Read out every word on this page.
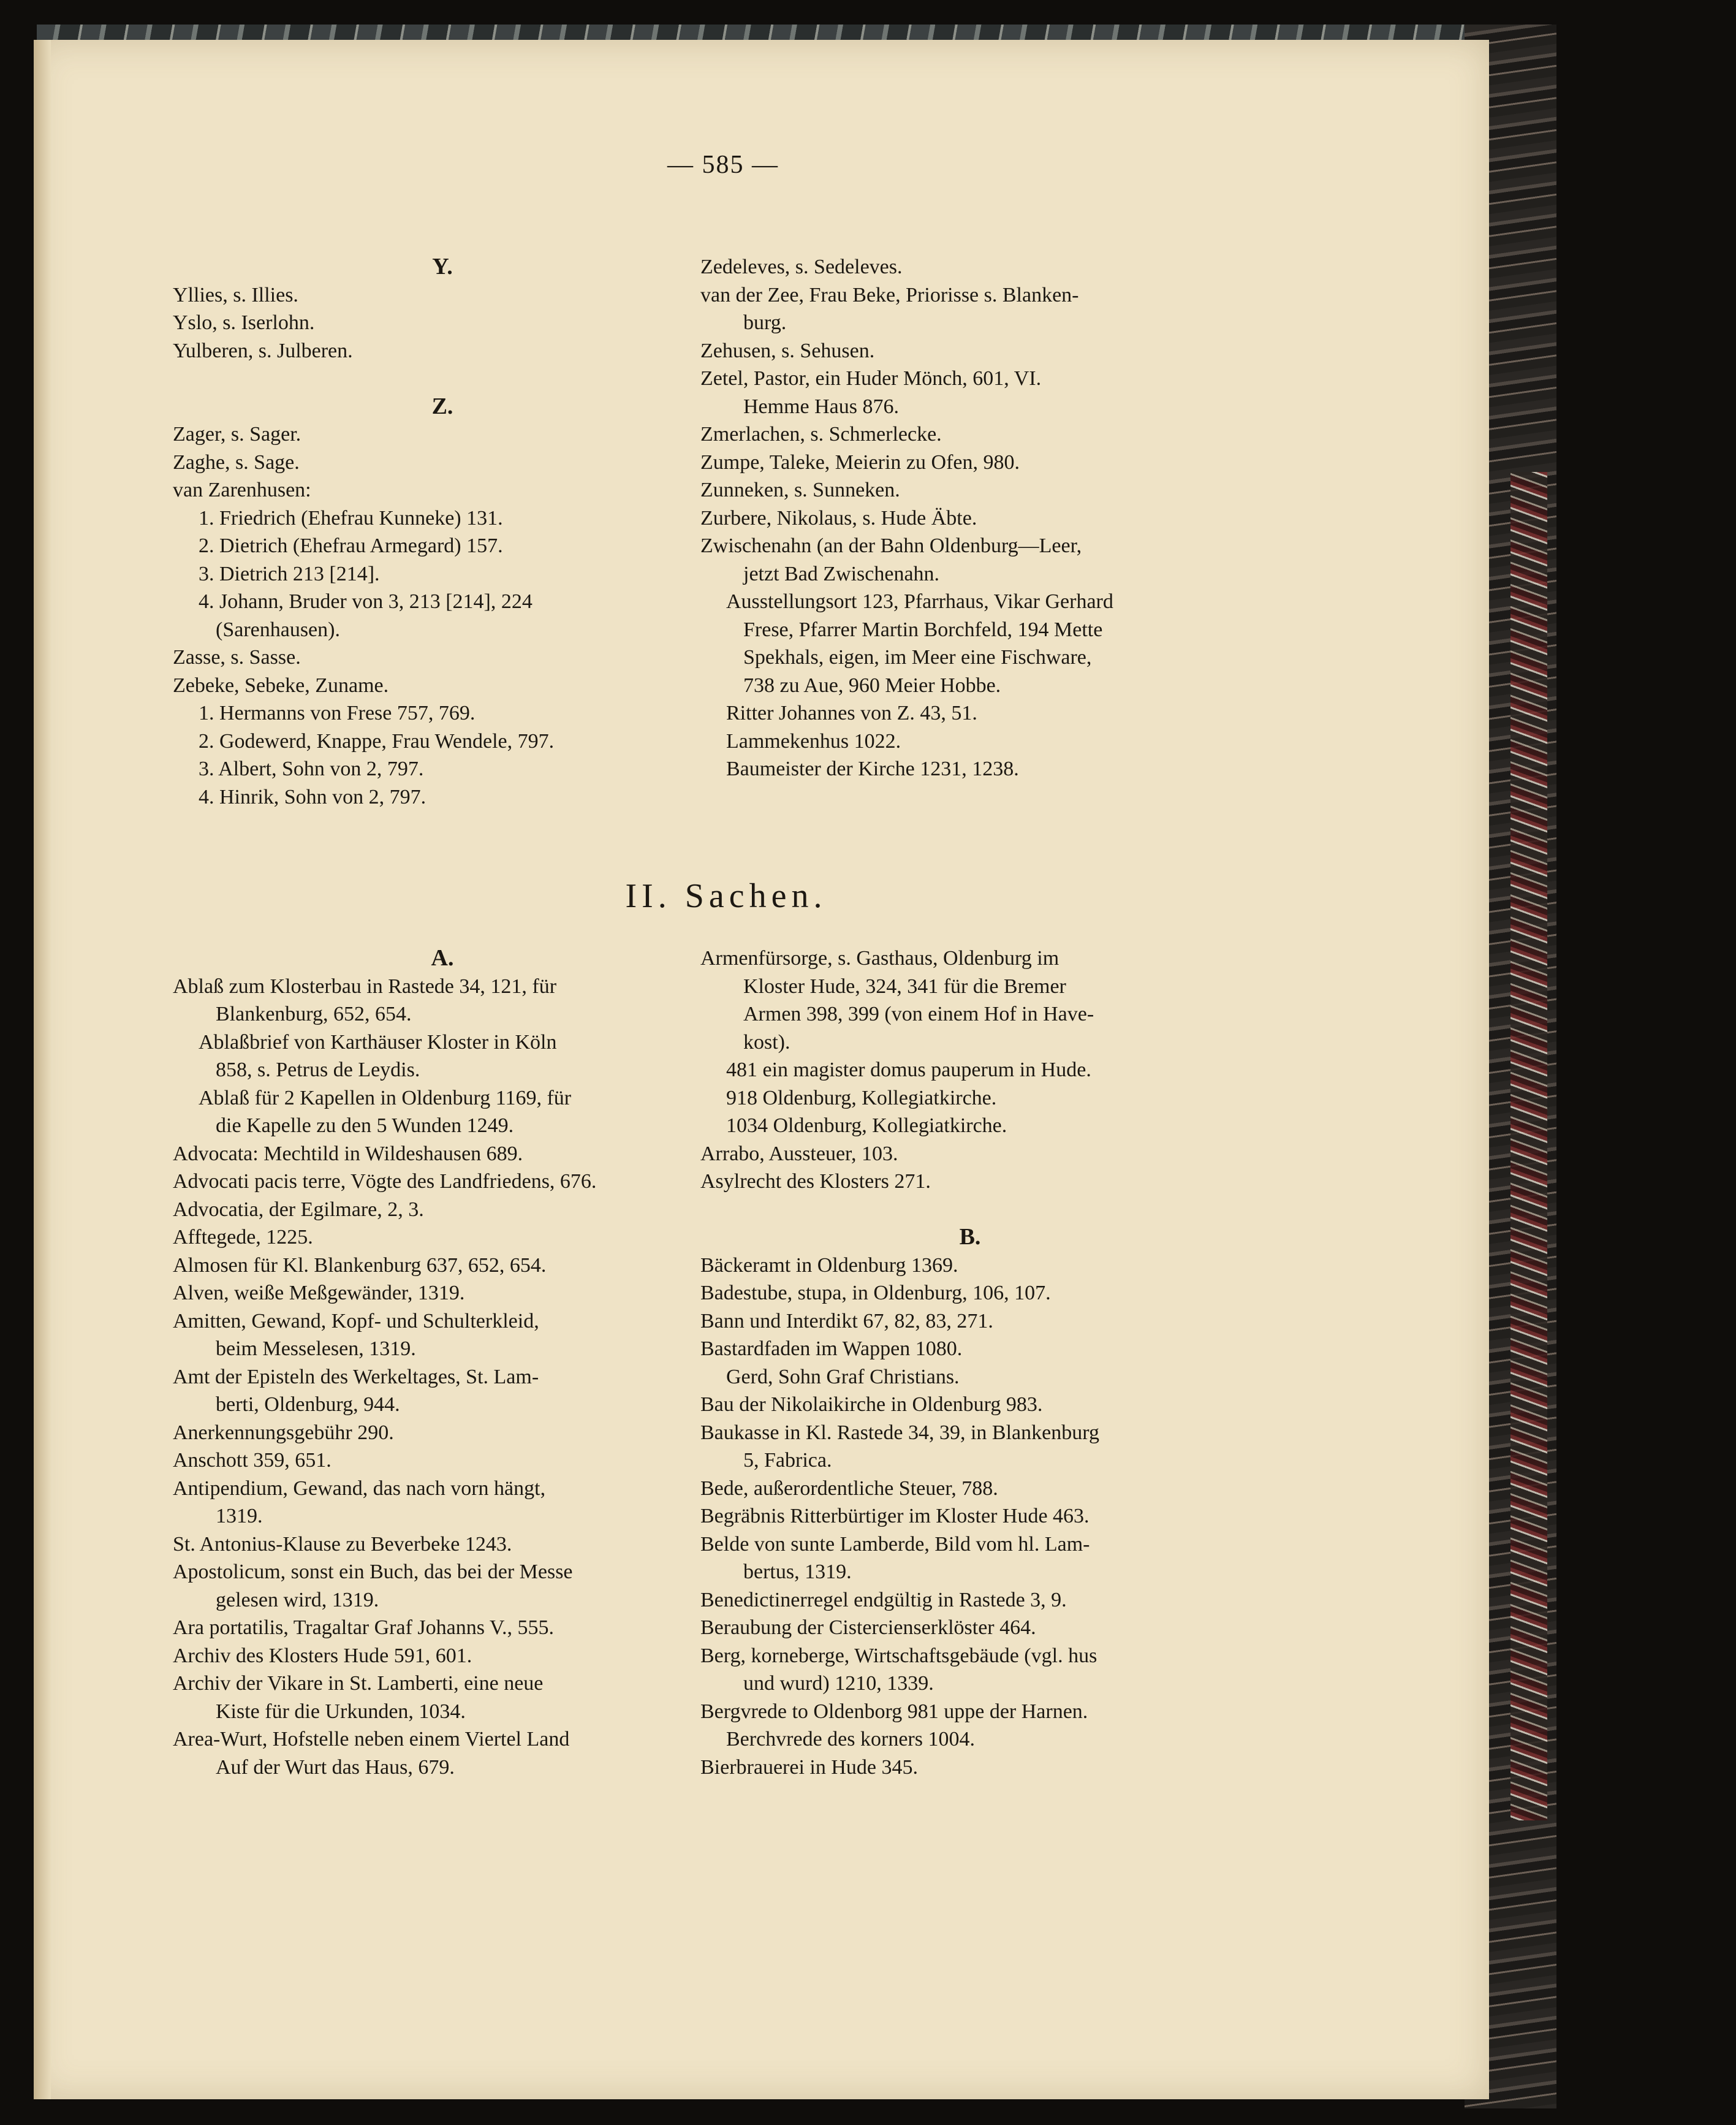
— 585 —
Y.
Yllies, s. Illies.
Yslo, s. Iserlohn.
Yulberen, s. Julberen.
Z.
Zager, s. Sager.
Zaghe, s. Sage.
van Zarenhusen:
1. Friedrich (Ehefrau Kunneke) 131.
2. Dietrich (Ehefrau Armegard) 157.
3. Dietrich 213 [214].
4. Johann, Bruder von 3, 213 [214], 224
(Sarenhausen).
Zasse, s. Sasse.
Zebeke, Sebeke, Zuname.
1. Hermanns von Frese 757, 769.
2. Godewerd, Knappe, Frau Wendele, 797.
3. Albert, Sohn von 2, 797.
4. Hinrik, Sohn von 2, 797.
Zedeleves, s. Sedeleves.
van der Zee, Frau Beke, Priorisse s. Blanken-
burg.
Zehusen, s. Sehusen.
Zetel, Pastor, ein Huder Mönch, 601, VI.
Hemme Haus 876.
Zmerlachen, s. Schmerlecke.
Zumpe, Taleke, Meierin zu Ofen, 980.
Zunneken, s. Sunneken.
Zurbere, Nikolaus, s. Hude Äbte.
Zwischenahn (an der Bahn Oldenburg—Leer,
jetzt Bad Zwischenahn.
Ausstellungsort 123, Pfarrhaus, Vikar Gerhard
Frese, Pfarrer Martin Borchfeld, 194 Mette
Spekhals, eigen, im Meer eine Fischware,
738 zu Aue, 960 Meier Hobbe.
Ritter Johannes von Z. 43, 51.
Lammekenhus 1022.
Baumeister der Kirche 1231, 1238.
II. Sachen.
A.
Ablaß zum Klosterbau in Rastede 34, 121, für
Blankenburg, 652, 654.
Ablaßbrief von Karthäuser Kloster in Köln
858, s. Petrus de Leydis.
Ablaß für 2 Kapellen in Oldenburg 1169, für
die Kapelle zu den 5 Wunden 1249.
Advocata: Mechtild in Wildeshausen 689.
Advocati pacis terre, Vögte des Landfriedens, 676.
Advocatia, der Egilmare, 2, 3.
Afftegede, 1225.
Almosen für Kl. Blankenburg 637, 652, 654.
Alven, weiße Meßgewänder, 1319.
Amitten, Gewand, Kopf- und Schulterkleid,
beim Messelesen, 1319.
Amt der Episteln des Werkeltages, St. Lam-
berti, Oldenburg, 944.
Anerkennungsgebühr 290.
Anschott 359, 651.
Antipendium, Gewand, das nach vorn hängt,
1319.
St. Antonius-Klause zu Beverbeke 1243.
Apostolicum, sonst ein Buch, das bei der Messe
gelesen wird, 1319.
Ara portatilis, Tragaltar Graf Johanns V., 555.
Archiv des Klosters Hude 591, 601.
Archiv der Vikare in St. Lamberti, eine neue
Kiste für die Urkunden, 1034.
Area-Wurt, Hofstelle neben einem Viertel Land
Auf der Wurt das Haus, 679.
Armenfürsorge, s. Gasthaus, Oldenburg im
Kloster Hude, 324, 341 für die Bremer
Armen 398, 399 (von einem Hof in Have-
kost).
481 ein magister domus pauperum in Hude.
918 Oldenburg, Kollegiatkirche.
1034 Oldenburg, Kollegiatkirche.
Arrabo, Aussteuer, 103.
Asylrecht des Klosters 271.
B.
Bäckeramt in Oldenburg 1369.
Badestube, stupa, in Oldenburg, 106, 107.
Bann und Interdikt 67, 82, 83, 271.
Bastardfaden im Wappen 1080.
Gerd, Sohn Graf Christians.
Bau der Nikolaikirche in Oldenburg 983.
Baukasse in Kl. Rastede 34, 39, in Blankenburg
5, Fabrica.
Bede, außerordentliche Steuer, 788.
Begräbnis Ritterbürtiger im Kloster Hude 463.
Belde von sunte Lamberde, Bild vom hl. Lam-
bertus, 1319.
Benedictinerregel endgültig in Rastede 3, 9.
Beraubung der Cistercienserklöster 464.
Berg, korneberge, Wirtschaftsgebäude (vgl. hus
und wurd) 1210, 1339.
Bergvrede to Oldenborg 981 uppe der Harnen.
Berchvrede des korners 1004.
Bierbrauerei in Hude 345.
